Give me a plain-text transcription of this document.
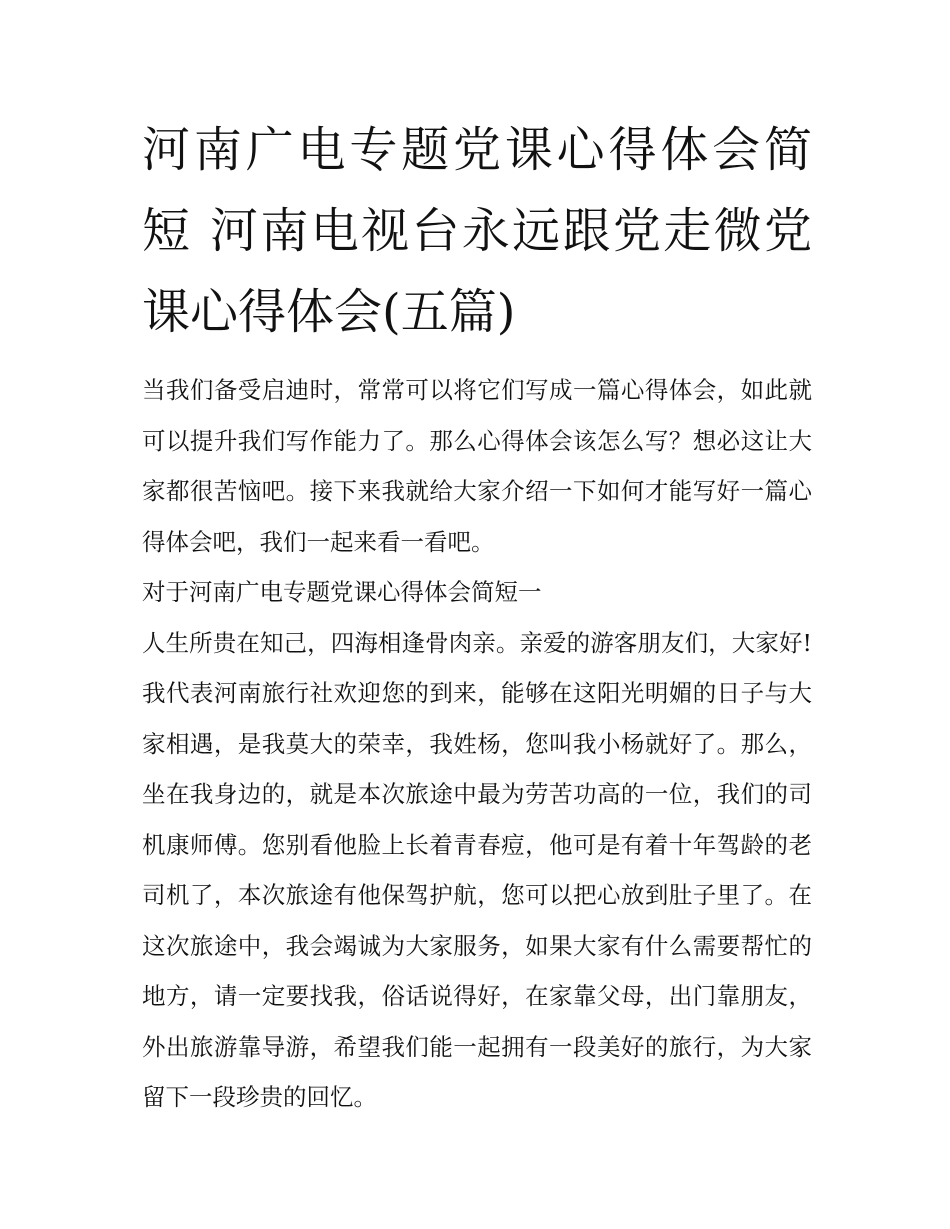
河南广电专题党课心得体会简短 河南电视台永远跟党走微党课心得体会(五篇)

当我们备受启迪时，常常可以将它们写成一篇心得体会，如此就可以提升我们写作能力了。那么心得体会该怎么写？想必这让大家都很苦恼吧。接下来我就给大家介绍一下如何才能写好一篇心得体会吧，我们一起来看一看吧。

对于河南广电专题党课心得体会简短一

人生所贵在知己，四海相逢骨肉亲。亲爱的游客朋友们，大家好!我代表河南旅行社欢迎您的到来，能够在这阳光明媚的日子与大家相遇，是我莫大的荣幸，我姓杨，您叫我小杨就好了。那么，坐在我身边的，就是本次旅途中最为劳苦功高的一位，我们的司机康师傅。您别看他脸上长着青春痘，他可是有着十年驾龄的老司机了，本次旅途有他保驾护航，您可以把心放到肚子里了。在这次旅途中，我会竭诚为大家服务，如果大家有什么需要帮忙的地方，请一定要找我，俗话说得好，在家靠父母，出门靠朋友，外出旅游靠导游，希望我们能一起拥有一段美好的旅行，为大家留下一段珍贵的回忆。
